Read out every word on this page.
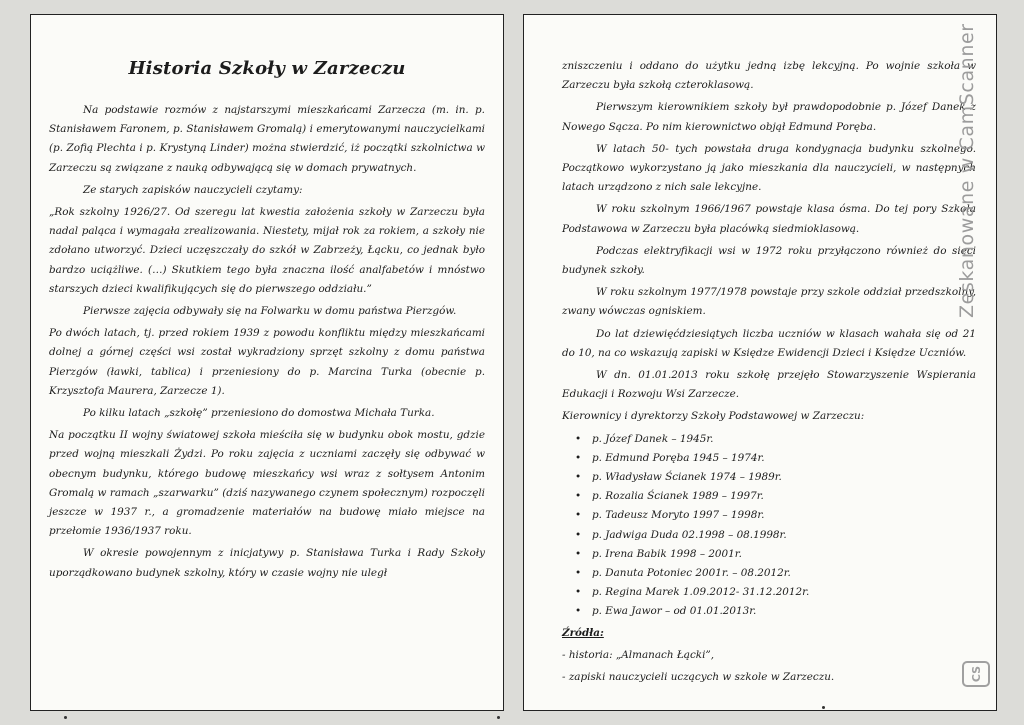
Historia Szkoły w Zarzeczu

Na podstawie rozmów z najstarszymi mieszkańcami Zarzecza (m. in. p. Stanisławem Faronem, p. Stanisławem Gromalą) i emerytowanymi nauczycielkami (p. Zofią Plechta i p. Krystyną Linder) można stwierdzić, iż początki szkolnictwa w Zarzeczu są związane z nauką odbywającą się w domach prywatnych.

Ze starych zapisków nauczycieli czytamy:

„Rok szkolny 1926/27. Od szeregu lat kwestia założenia szkoły w Zarzeczu była nadal paląca i wymagała zrealizowania. Niestety, mijał rok za rokiem, a szkoły nie zdołano utworzyć. Dzieci uczęszczały do szkół w Zabrzeży, Łącku, co jednak było bardzo uciążliwe. (…) Skutkiem tego była znaczna ilość analfabetów i mnóstwo starszych dzieci kwalifikujących się do pierwszego oddziału.”

Pierwsze zajęcia odbywały się na Folwarku w domu państwa Pierzgów.

Po dwóch latach, tj. przed rokiem 1939 z powodu konfliktu między mieszkańcami dolnej a górnej części wsi został wykradziony sprzęt szkolny z domu państwa Pierzgów (ławki, tablica) i przeniesiony do p. Marcina Turka (obecnie p. Krzysztofa Maurera, Zarzecze 1).

Po kilku latach „szkołę” przeniesiono do domostwa Michała Turka.

Na początku II wojny światowej szkoła mieściła się w budynku obok mostu, gdzie przed wojną mieszkali Żydzi. Po roku zajęcia z uczniami zaczęły się odbywać w obecnym budynku, którego budowę mieszkańcy wsi wraz z sołtysem Antonim Gromalą w ramach „szarwarku” (dziś nazywanego czynem społecznym) rozpoczęli jeszcze w 1937 r., a gromadzenie materiałów na budowę miało miejsce na przełomie 1936/1937 roku.

W okresie powojennym z inicjatywy p. Stanisława Turka i Rady Szkoły uporządkowano budynek szkolny, który w czasie wojny nie uległ

zniszczeniu i oddano do użytku jedną izbę lekcyjną. Po wojnie szkoła w Zarzeczu była szkołą czteroklasową.

Pierwszym kierownikiem szkoły był prawdopodobnie p. Józef Danek z Nowego Sącza. Po nim kierownictwo objął Edmund Poręba.

W latach 50- tych powstała druga kondygnacja budynku szkolnego. Początkowo wykorzystano ją jako mieszkania dla nauczycieli, w następnych latach urządzono z nich sale lekcyjne.

W roku szkolnym 1966/1967 powstaje klasa ósma. Do tej pory Szkoła Podstawowa w Zarzeczu była placówką siedmioklasową.

Podczas elektryfikacji wsi w 1972 roku przyłączono również do sieci budynek szkoły.

W roku szkolnym 1977/1978 powstaje przy szkole oddział przedszkolny, zwany wówczas ogniskiem.

Do lat dziewięćdziesiątych liczba uczniów w klasach wahała się od 21 do 10, na co wskazują zapiski w Księdze Ewidencji Dzieci i Księdze Uczniów.

W dn. 01.01.2013 roku szkołę przejęło Stowarzyszenie Wspierania Edukacji i Rozwoju Wsi Zarzecze.

Kierownicy i dyrektorzy Szkoły Podstawowej w Zarzeczu:

• p. Józef Danek – 1945r.
• p. Edmund Poręba 1945 – 1974r.
• p. Władysław Ścianek 1974 – 1989r.
• p. Rozalia Ścianek 1989 – 1997r.
• p. Tadeusz Moryto 1997 – 1998r.
• p. Jadwiga Duda 02.1998 – 08.1998r.
• p. Irena Babik 1998 – 2001r.
• p. Danuta Potoniec 2001r. – 08.2012r.
• p. Regina Marek 1.09.2012- 31.12.2012r.
• p. Ewa Jawor – od 01.01.2013r.

Źródła:

- historia: „Almanach Łącki”,

- zapiski nauczycieli uczących w szkole w Zarzeczu.

Zeskanowane w CamScanner
CS
